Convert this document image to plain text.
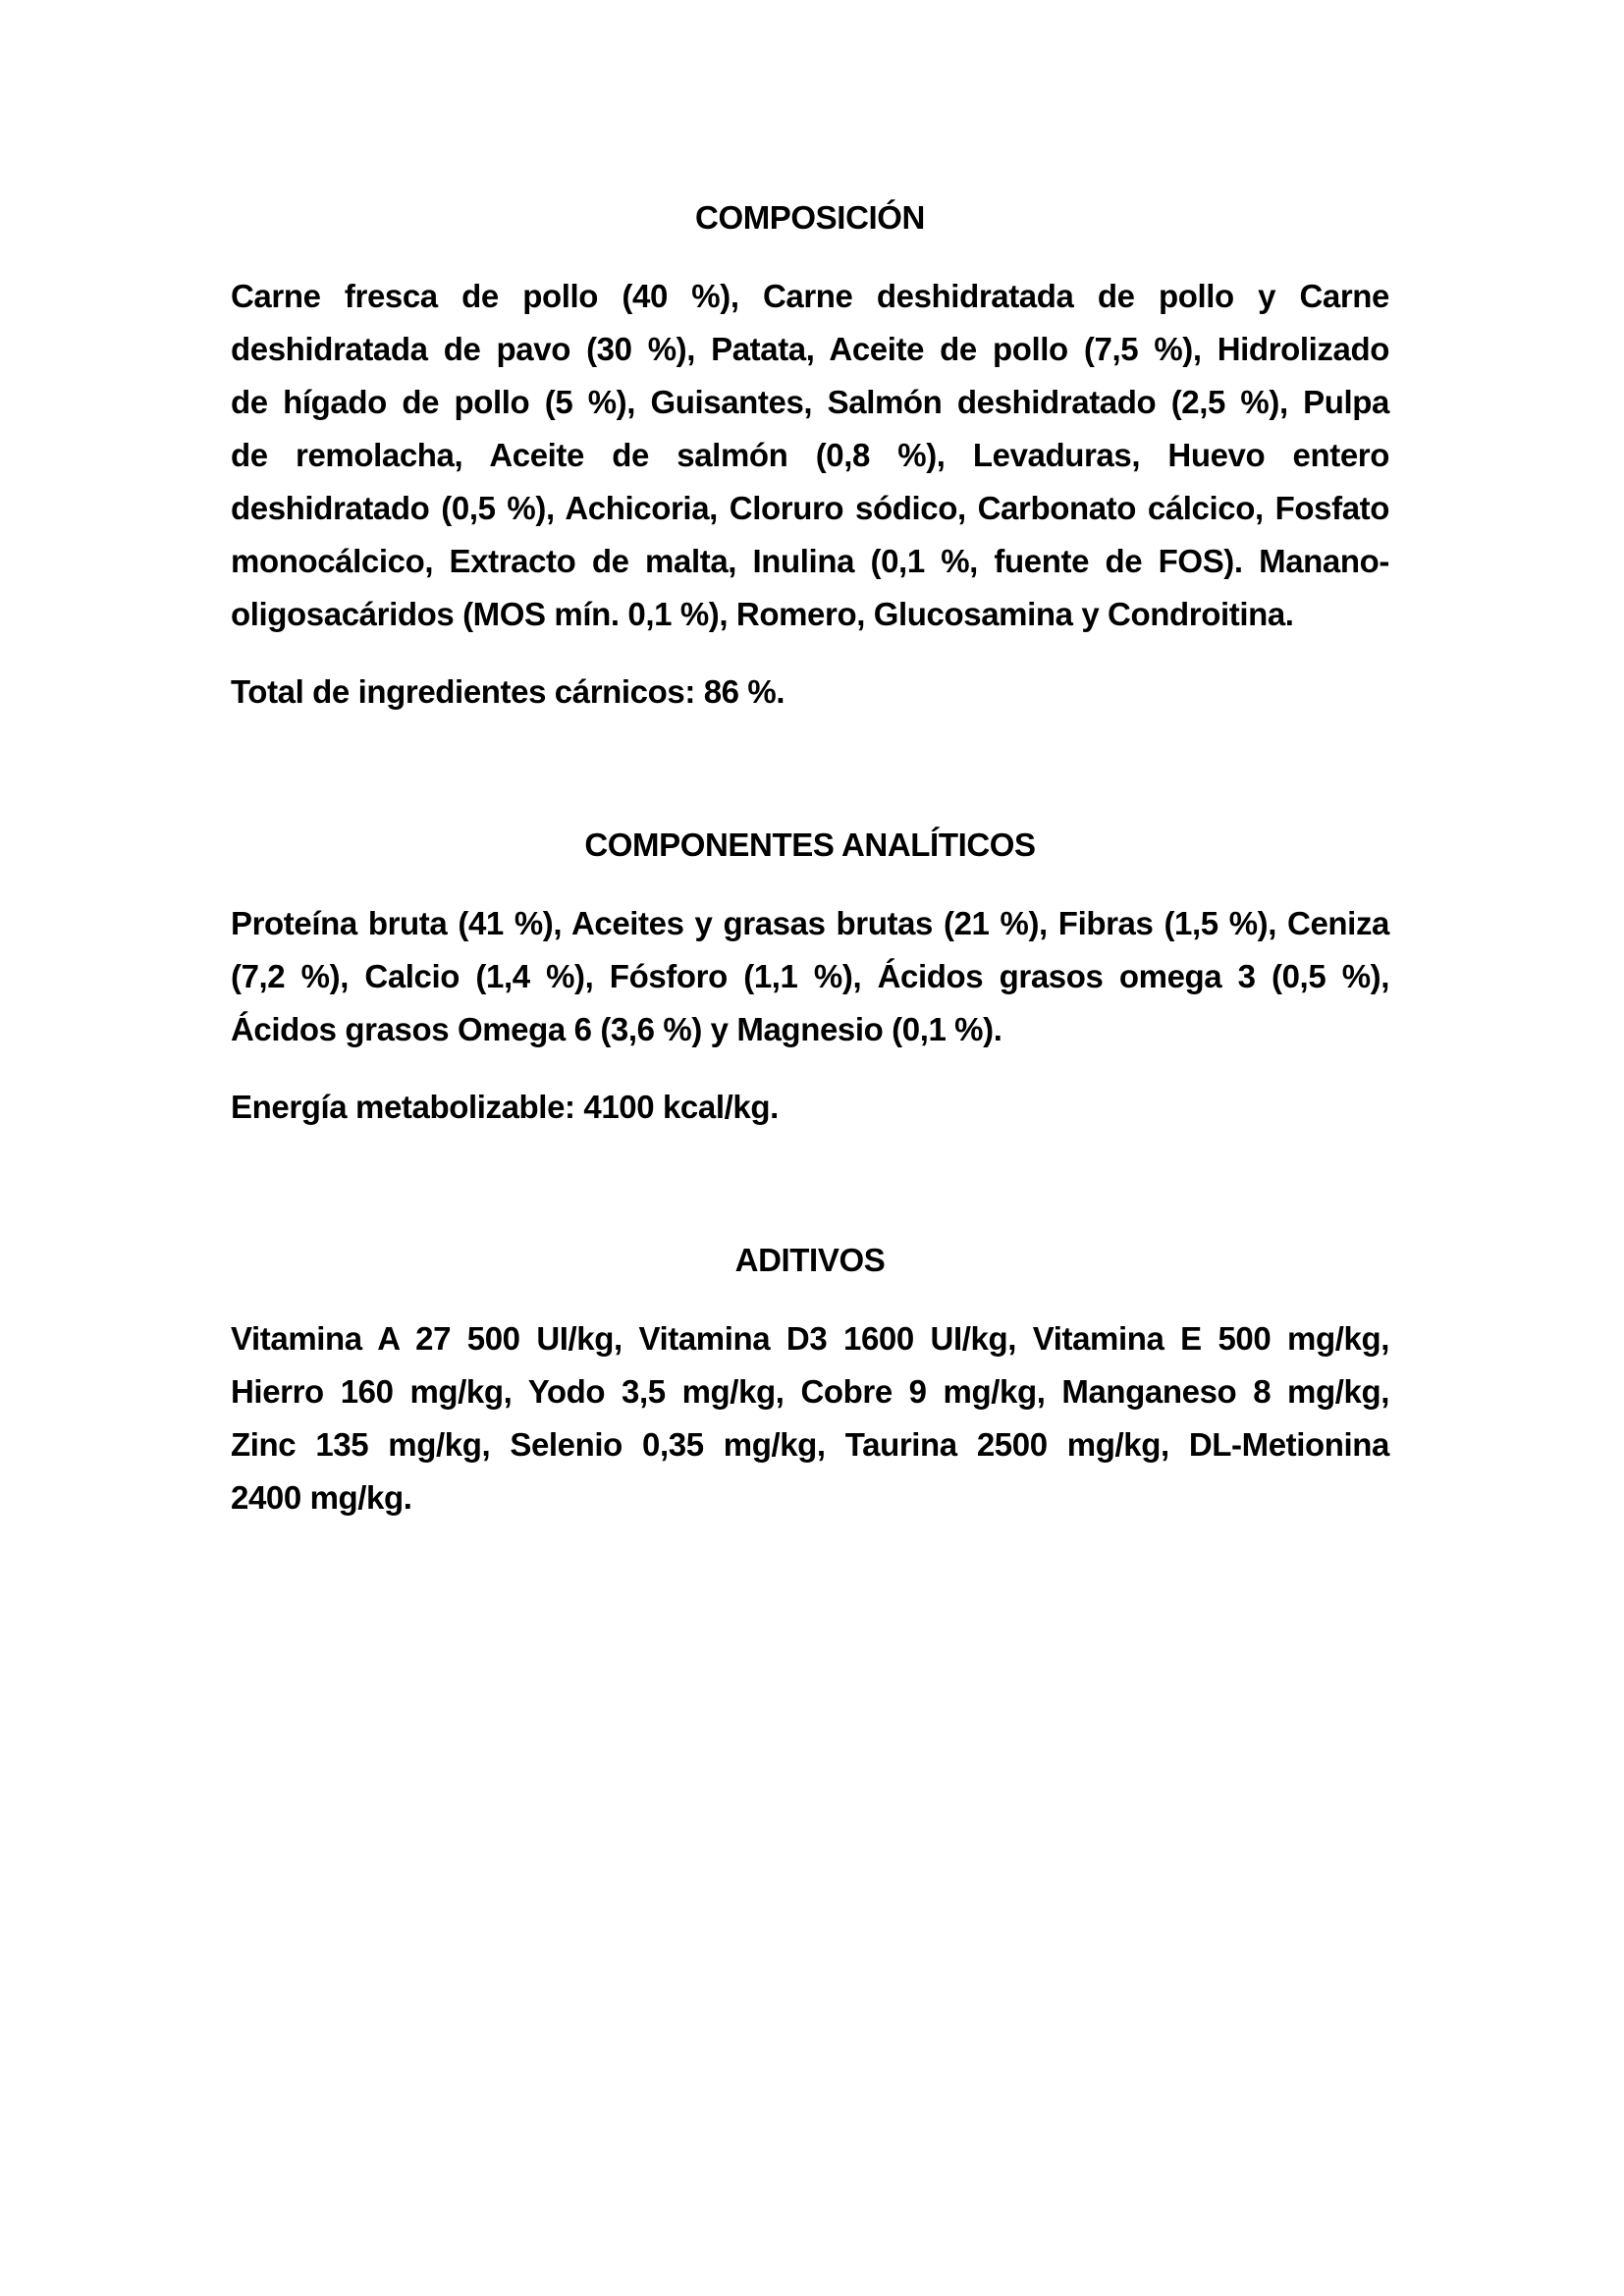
COMPOSICIÓN
Carne fresca de pollo (40 %), Carne deshidratada de pollo y Carne
deshidratada de pavo (30 %), Patata, Aceite de pollo (7,5 %), Hidrolizado
de hígado de pollo (5 %), Guisantes, Salmón deshidratado (2,5 %), Pulpa
de remolacha, Aceite de salmón (0,8 %), Levaduras, Huevo entero
deshidratado (0,5 %), Achicoria, Cloruro sódico, Carbonato cálcico, Fosfato
monocálcico, Extracto de malta, Inulina (0,1 %, fuente de FOS). Manano-
oligosacáridos (MOS mín. 0,1 %), Romero, Glucosamina y Condroitina.
Total de ingredientes cárnicos: 86 %.
COMPONENTES ANALÍTICOS
Proteína bruta (41 %), Aceites y grasas brutas (21 %), Fibras (1,5 %), Ceniza
(7,2 %), Calcio (1,4 %), Fósforo (1,1 %), Ácidos grasos omega 3 (0,5 %),
Ácidos grasos Omega 6 (3,6 %) y Magnesio (0,1 %).
Energía metabolizable: 4100 kcal/kg.
ADITIVOS
Vitamina A 27 500 UI/kg, Vitamina D3 1600 UI/kg, Vitamina E 500 mg/kg,
Hierro 160 mg/kg, Yodo 3,5 mg/kg, Cobre 9 mg/kg, Manganeso 8 mg/kg,
Zinc 135 mg/kg, Selenio 0,35 mg/kg, Taurina 2500 mg/kg, DL-Metionina
2400 mg/kg.
